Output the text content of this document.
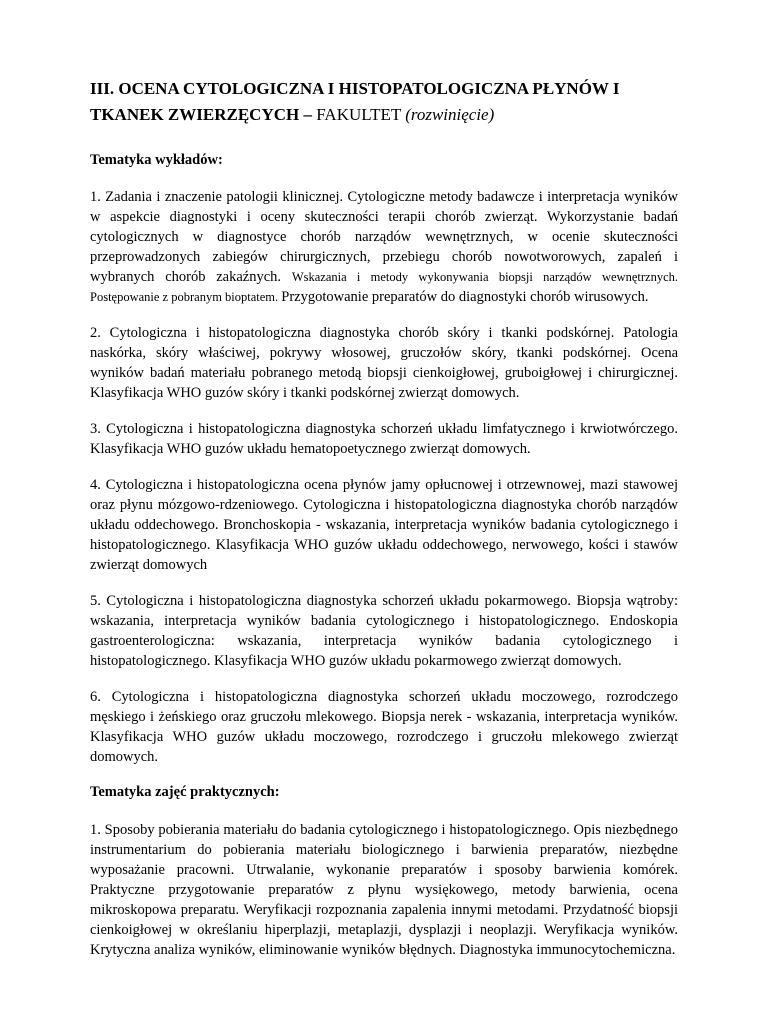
III. OCENA CYTOLOGICZNA I HISTOPATOLOGICZNA PŁYNÓW I TKANEK ZWIERZĘCYCH – FAKULTET (rozwinięcie)
Tematyka wykładów:

1. Zadania i znaczenie patologii klinicznej. Cytologiczne metody badawcze i interpretacja wyników w aspekcie diagnostyki i oceny skuteczności terapii chorób zwierząt. Wykorzystanie badań cytologicznych w diagnostyce chorób narządów wewnętrznych, w ocenie skuteczności przeprowadzonych zabiegów chirurgicznych, przebiegu chorób nowotworowych, zapaleń i wybranych chorób zakaźnych. Wskazania i metody wykonywania biopsji narządów wewnętrznych. Postępowanie z pobranym bioptatem. Przygotowanie preparatów do diagnostyki chorób wirusowych.

2. Cytologiczna i histopatologiczna diagnostyka chorób skóry i tkanki podskórnej. Patologia naskórka, skóry właściwej, pokrywy włosowej, gruczołów skóry, tkanki podskórnej. Ocena wyników badań materiału pobranego metodą biopsji cienkoigłowej, gruboigłowej i chirurgicznej. Klasyfikacja WHO guzów skóry i tkanki podskórnej zwierząt domowych.

3. Cytologiczna i histopatologiczna diagnostyka schorzeń układu limfatycznego i krwiotwórczego. Klasyfikacja WHO guzów układu hematopoetycznego zwierząt domowych.

4. Cytologiczna i histopatologiczna ocena płynów jamy opłucnowej i otrzewnowej, mazi stawowej oraz płynu mózgowo-rdzeniowego. Cytologiczna i histopatologiczna diagnostyka chorób narządów układu oddechowego. Bronchoskopia - wskazania, interpretacja wyników badania cytologicznego i histopatologicznego. Klasyfikacja WHO guzów układu oddechowego, nerwowego, kości i stawów zwierząt domowych

5. Cytologiczna i histopatologiczna diagnostyka schorzeń układu pokarmowego. Biopsja wątroby: wskazania, interpretacja wyników badania cytologicznego i histopatologicznego. Endoskopia gastroenterologiczna: wskazania, interpretacja wyników badania cytologicznego i histopatologicznego. Klasyfikacja WHO guzów układu pokarmowego zwierząt domowych.

6. Cytologiczna i histopatologiczna diagnostyka schorzeń układu moczowego, rozrodczego męskiego i żeńskiego oraz gruczołu mlekowego. Biopsja nerek - wskazania, interpretacja wyników. Klasyfikacja WHO guzów układu moczowego, rozrodczego i gruczołu mlekowego zwierząt domowych.

Tematyka zajęć praktycznych:

1. Sposoby pobierania materiału do badania cytologicznego i histopatologicznego. Opis niezbędnego instrumentarium do pobierania materiału biologicznego i barwienia preparatów, niezbędne wyposażanie pracowni. Utrwalanie, wykonanie preparatów i sposoby barwienia komórek. Praktyczne przygotowanie preparatów z płynu wysiękowego, metody barwienia, ocena mikroskopowa preparatu. Weryfikacji rozpoznania zapalenia innymi metodami. Przydatność biopsji cienkoigłowej w określaniu hiperplazji, metaplazji, dysplazji i neoplazji. Weryfikacja wyników. Krytyczna analiza wyników, eliminowanie wyników błędnych. Diagnostyka immunocytochemiczna.
